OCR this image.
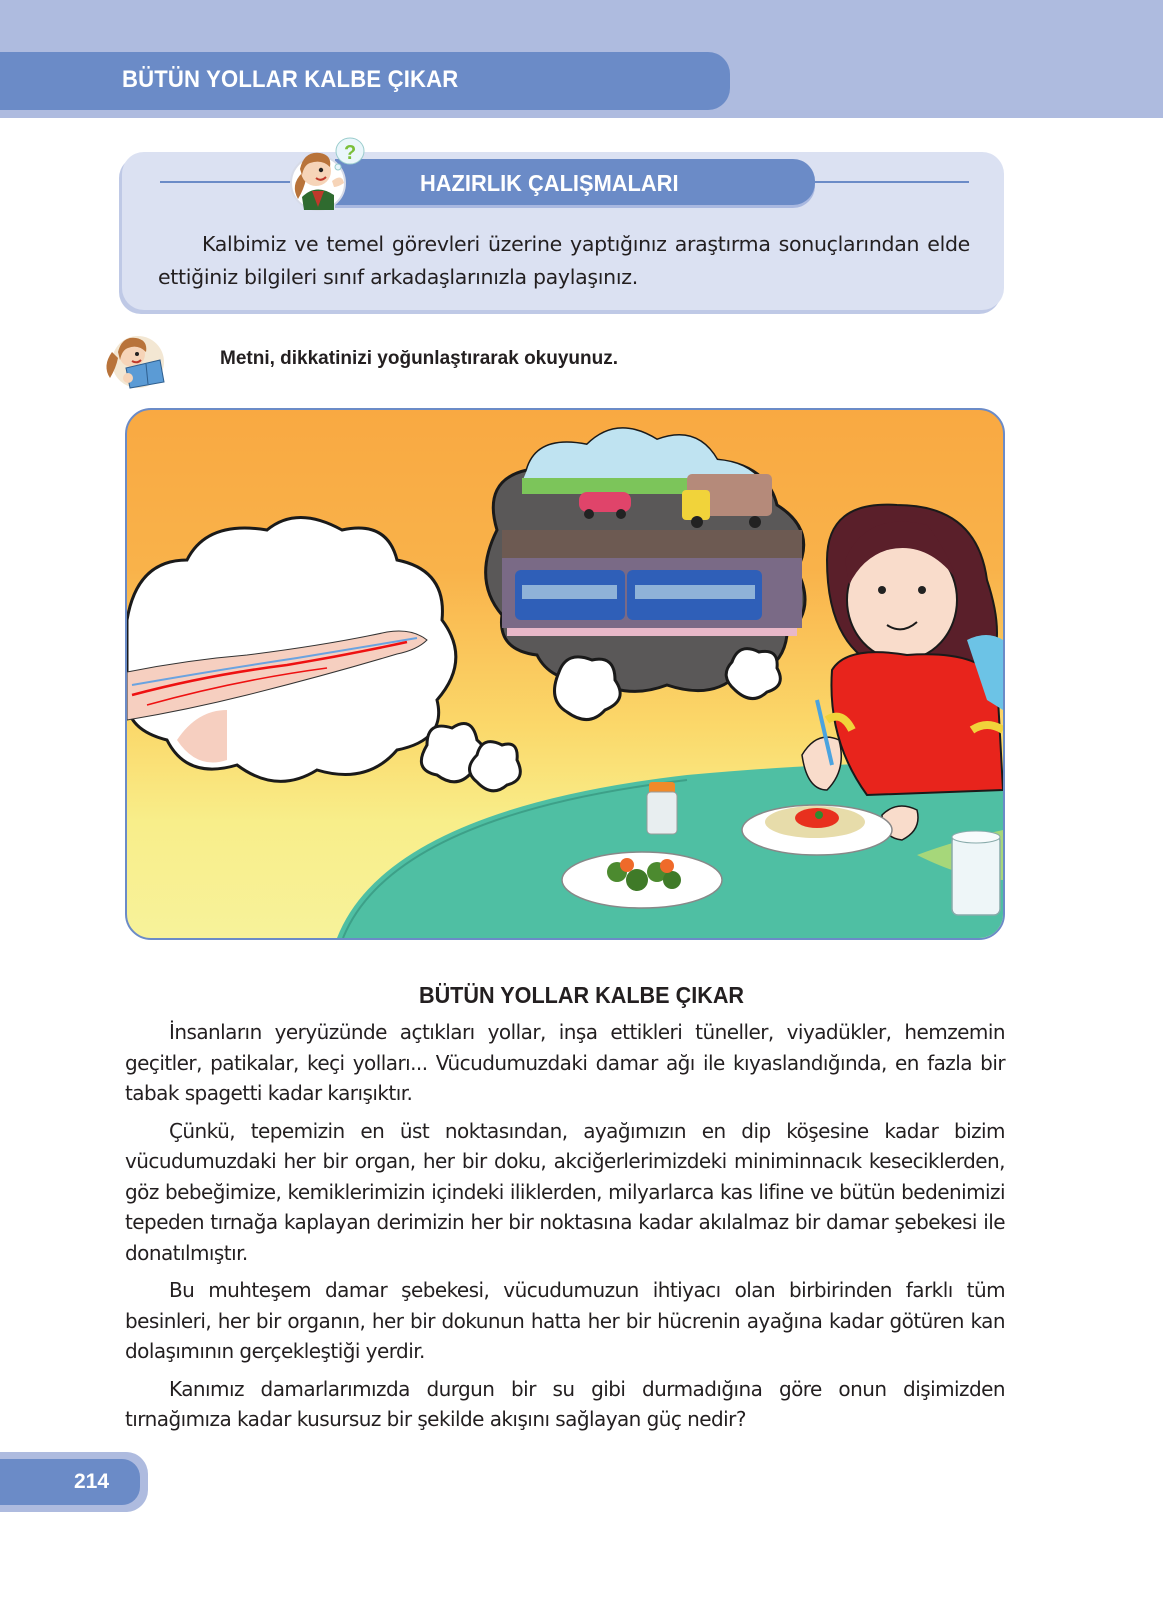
BÜTÜN YOLLAR KALBE ÇIKAR
HAZIRLIK ÇALIŞMALARI
?
Kalbimiz ve temel görevleri üzerine yaptığınız araştırma sonuçlarından elde ettiğiniz bilgileri sınıf arkadaşlarınızla paylaşınız.
Metni, dikkatinizi yoğunlaştırarak okuyunuz.
BÜTÜN YOLLAR KALBE ÇIKAR

İnsanların yeryüzünde açtıkları yollar, inşa ettikleri tüneller, viyadükler, hemzemin geçitler, patikalar, keçi yolları... Vücudumuzdaki damar ağı ile kıyaslandığında, en fazla bir tabak spagetti kadar karışıktır.

Çünkü, tepemizin en üst noktasından, ayağımızın en dip köşesine kadar bizim vücudumuzdaki her bir organ, her bir doku, akciğerlerimizdeki miniminnacık keseciklerden, göz bebeğimize, kemiklerimizin içindeki iliklerden, milyarlarca kas lifine ve bütün bedenimizi tepeden tırnağa kaplayan derimizin her bir noktasına kadar akılalmaz bir damar şebekesi ile donatılmıştır.

Bu muhteşem damar şebekesi, vücudumuzun ihtiyacı olan birbirinden farklı tüm besinleri, her bir organın, her bir dokunun hatta her bir hücrenin ayağına kadar götüren kan dolaşımının gerçekleştiği yerdir.

Kanımız damarlarımızda durgun bir su gibi durmadığına göre onun dişimizden tırnağımıza kadar kusursuz bir şekilde akışını sağlayan güç nedir?

214
